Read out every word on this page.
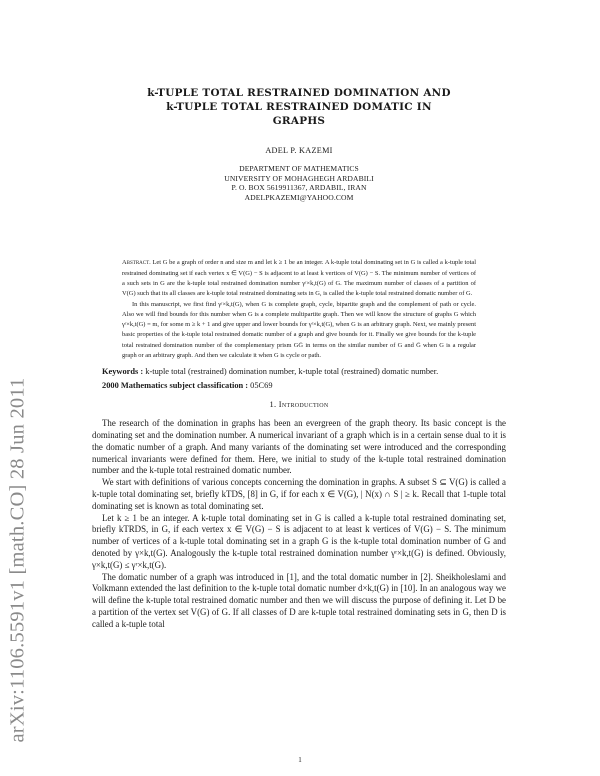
arXiv:1106.5591v1 [math.CO] 28 Jun 2011
k-TUPLE TOTAL RESTRAINED DOMINATION AND
k-TUPLE TOTAL RESTRAINED DOMATIC IN
GRAPHS
ADEL P. KAZEMI
DEPARTMENT OF MATHEMATICS
UNIVERSITY OF MOHAGHEGH ARDABILI
P. O. BOX 5619911367, ARDABIL, IRAN
ADELPKAZEMI@YAHOO.COM

Abstract. Let G be a graph of order n and size m and let k ≥ 1 be an integer. A k-tuple total dominating set in G is called a k-tuple total restrained dominating set if each vertex x ∈ V(G) − S is adjacent to at least k vertices of V(G) − S. The minimum number of vertices of a such sets in G are the k-tuple total restrained domination number γʳ×k,t(G) of G. The maximum number of classes of a partition of V(G) such that its all classes are k-tuple total restrained dominating sets in G, is called the k-tuple total restrained domatic number of G.

In this manuscript, we first find γʳ×k,t(G), when G is complete graph, cycle, bipartite graph and the complement of path or cycle. Also we will find bounds for this number when G is a complete multipartite graph. Then we will know the structure of graphs G which γʳ×k,t(G) = m, for some m ≥ k + 1 and give upper and lower bounds for γʳ×k,t(G), when G is an arbitrary graph. Next, we mainly present basic properties of the k-tuple total restrained domatic number of a graph and give bounds for it. Finally we give bounds for the k-tuple total restrained domination number of the complementary prism GḠ in terms on the similar number of G and Ḡ when G is a regular graph or an arbitrary graph. And then we calculate it when G is cycle or path.

Keywords : k-tuple total (restrained) domination number, k-tuple total (restrained) domatic number.
2000 Mathematics subject classification : 05C69
1. Introduction

The research of the domination in graphs has been an evergreen of the graph theory. Its basic concept is the dominating set and the domination number. A numerical invariant of a graph which is in a certain sense dual to it is the domatic number of a graph. And many variants of the dominating set were introduced and the corresponding numerical invariants were defined for them. Here, we initial to study of the k-tuple total restrained domination number and the k-tuple total restrained domatic number.

We start with definitions of various concepts concerning the domination in graphs. A subset S ⊆ V(G) is called a k-tuple total dominating set, briefly kTDS, [8] in G, if for each x ∈ V(G), | N(x) ∩ S | ≥ k. Recall that 1-tuple total dominating set is known as total dominating set.

Let k ≥ 1 be an integer. A k-tuple total dominating set in G is called a k-tuple total restrained dominating set, briefly kTRDS, in G, if each vertex x ∈ V(G) − S is adjacent to at least k vertices of V(G) − S. The minimum number of vertices of a k-tuple total dominating set in a graph G is the k-tuple total domination number of G and denoted by γ×k,t(G). Analogously the k-tuple total restrained domination number γʳ×k,t(G) is defined. Obviously, γ×k,t(G) ≤ γʳ×k,t(G).

The domatic number of a graph was introduced in [1], and the total domatic number in [2]. Sheikholeslami and Volkmann extended the last definition to the k-tuple total domatic number d×k,t(G) in [10]. In an analogous way we will define the k-tuple total restrained domatic number and then we will discuss the purpose of defining it. Let D be a partition of the vertex set V(G) of G. If all classes of D are k-tuple total restrained dominating sets in G, then D is called a k-tuple total

1
